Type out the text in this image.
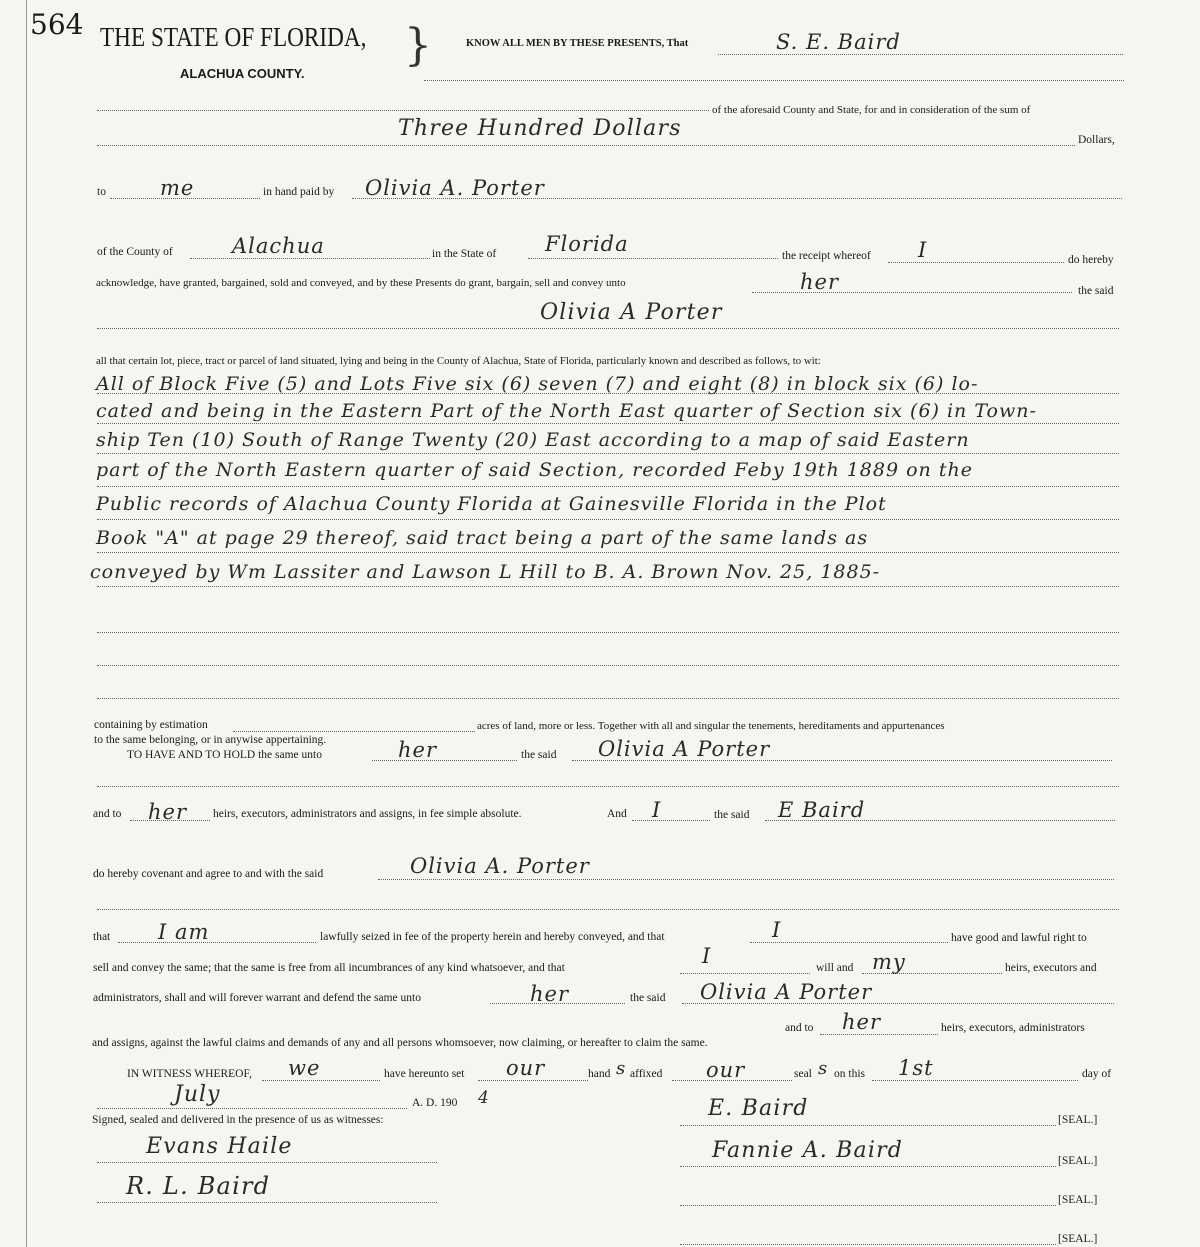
564 THE STATE OF FLORIDA, }
ALACHUA COUNTY.
KNOW ALL MEN BY THESE PRESENTS, That	S. E. Baird
of the aforesaid County and State, for and in consideration of the sum of
Three Hundred Dollars	Dollars,
to	me	in hand paid by Olivia A. Porter
of the County of	Alachua	in the State of Florida	the receipt whereof I	do hereby
acknowledge, have granted, bargained, sold and conveyed, and by these Presents do grant, bargain, sell and convey unto	her	the said
Olivia A Porter
all that certain lot, piece, tract or parcel of land situated, lying and being in the County of Alachua, State of Florida, particularly known and described as follows, to wit:
All of Block Five (5) and Lots Five six (6) seven (7) and eight (8) in block six (6) lo-
cated and being in the Eastern Part of the North East quarter of Section six (6) in Town-
ship Ten (10) South of Range Twenty (20) East according to a map of said Eastern
part of the North Eastern quarter of said Section, recorded Feby 19th 1889 on the
Public records of Alachua County Florida at Gainesville Florida in the Plot
Book "A" at page 29 thereof, said tract being a part of the same lands as
conveyed by Wm Lassiter and Lawson L Hill to B. A. Brown Nov. 25, 1885-
containing by estimation	acres of land, more or less. Together with all and singular the tenements, hereditaments and appurtenances
to the same belonging, or in anywise appertaining.
TO HAVE AND TO HOLD the same unto	her	the said Olivia A Porter
and to her heirs, executors, administrators and assigns, in fee simple absolute.	And I	the said E Baird
do hereby covenant and agree to and with the said	Olivia A. Porter
that I am	lawfully seized in fee of the property herein and hereby conveyed, and that	I	have good and lawful right to
sell and convey the same; that the same is free from all incumbrances of any kind whatsoever, and that	I	will and my	heirs, executors and
administrators, shall and will forever warrant and defend the same unto	her	the said Olivia A Porter
and to her	heirs, executors, administrators
and assigns, against the lawful claims and demands of any and all persons whomsoever, now claiming, or hereafter to claim the same.
IN WITNESS WHEREOF, we	have hereunto set our	hand s affixed our	seal s on this 1st	day of
July	A. D. 190 4
Signed, sealed and delivered in the presence of us as witnesses:
Evans Haile
R. L. Baird
E. Baird	[SEAL.]
Fannie A. Baird	[SEAL.]
[SEAL.]
[SEAL.]
